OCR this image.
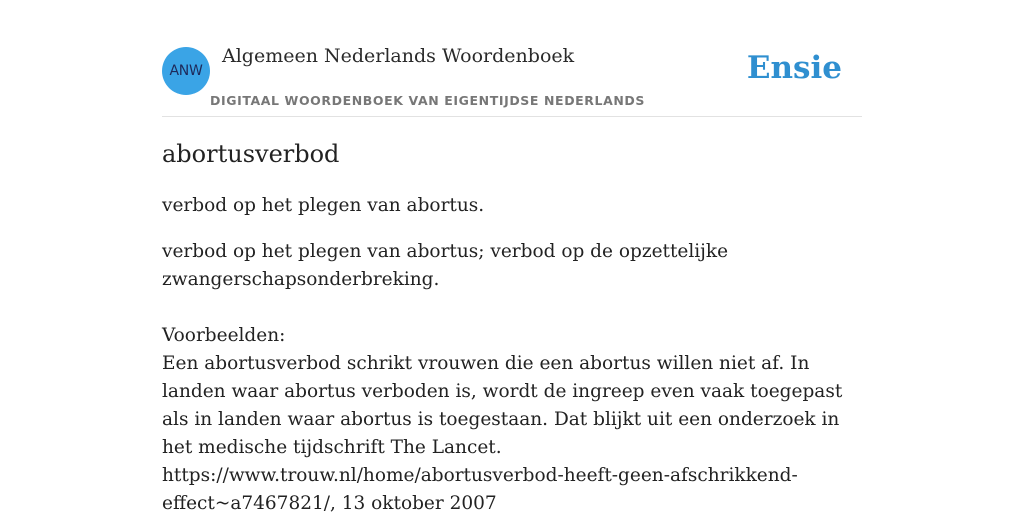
ANW
Algemeen Nederlands Woordenboek
DIGITAAL WOORDENBOEK VAN EIGENTIJDSE NEDERLANDS
Ensie
abortusverbod

verbod op het plegen van abortus.

verbod op het plegen van abortus; verbod op de opzettelijke zwangerschapsonderbreking.

Voorbeelden:

Een abortusverbod schrikt vrouwen die een abortus willen niet af. In landen waar abortus verboden is, wordt de ingreep even vaak toegepast als in landen waar abortus is toegestaan. Dat blijkt uit een onderzoek in het medische tijdschrift The Lancet.

https://www.trouw.nl/home/abortusverbod-heeft-geen-afschrikkend-effect~a7467821/, 13 oktober 2007
